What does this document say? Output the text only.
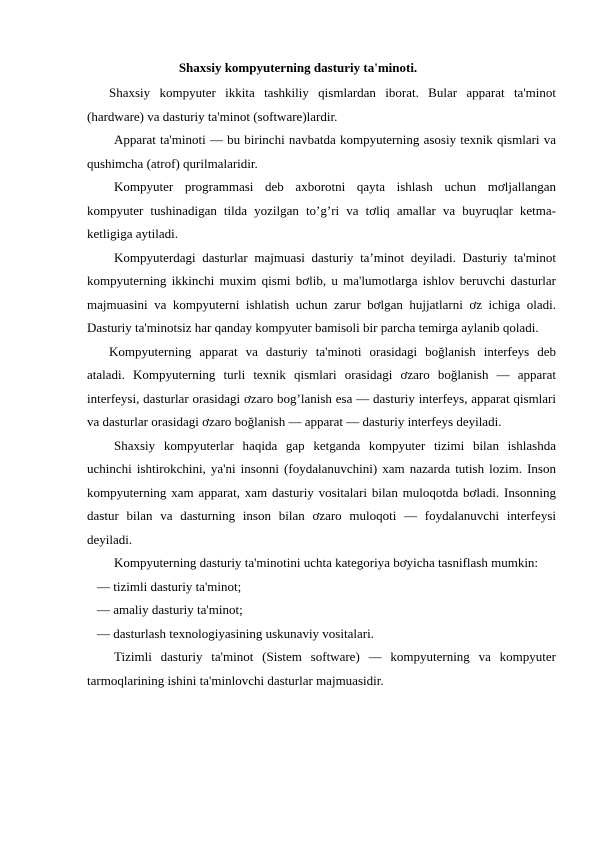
Shaxsiy kompyuterning dasturiy ta'minoti.

Shaxsiy kompyuter ikkita tashkiliy qismlardan iborat. Bular apparat ta'minot (hardware) va dasturiy ta'minot (software)lardir.

Apparat ta'minoti — bu birinchi navbatda kompyuterning asosiy texnik qismlari va qushimcha (atrof) qurilmalaridir.

Kompyuter programmasi deb axborotni qayta ishlash uchun mơljallangan kompyuter tushinadigan tilda yozilgan to’g’ri va tơliq amallar va buyruqlar ketma-ketligiga aytiladi.

Kompyuterdagi dasturlar majmuasi dasturiy ta’minot deyiladi. Dasturiy ta'minot kompyuterning ikkinchi muxim qismi bơlib, u ma'lumotlarga ishlov beruvchi dasturlar majmuasini va kompyuterni ishlatish uchun zarur bơlgan hujjatlarni ơz ichiga oladi. Dasturiy ta'minotsiz har qanday kompyuter bamisoli bir parcha temirga aylanib qoladi.

Kompyuterning apparat va dasturiy ta'minoti orasidagi boğlanish interfeys deb ataladi. Kompyuterning turli texnik qismlari orasidagi ơzaro boğlanish — apparat interfeysi, dasturlar orasidagi ơzaro bog’lanish esa — dasturiy interfeys, apparat qismlari va dasturlar orasidagi ơzaro boğlanish — apparat — dasturiy interfeys deyiladi.

Shaxsiy kompyuterlar haqida gap ketganda kompyuter tizimi bilan ishlashda uchinchi ishtirokchini, ya'ni insonni (foydalanuvchini) xam nazarda tutish lozim. Inson kompyuterning xam apparat, xam dasturiy vositalari bilan muloqotda bơladi. Insonning dastur bilan va dasturning inson bilan ơzaro muloqoti — foydalanuvchi interfeysi deyiladi.

Kompyuterning dasturiy ta'minotini uchta kategoriya bơyicha tasniflash mumkin:

— tizimli dasturiy ta'minot;

— amaliy dasturiy ta'minot;

— dasturlash texnologiyasining uskunaviy vositalari.

Tizimli dasturiy ta'minot (Sistem software) — kompyuterning va kompyuter tarmoqlarining ishini ta'minlovchi dasturlar majmuasidir.
